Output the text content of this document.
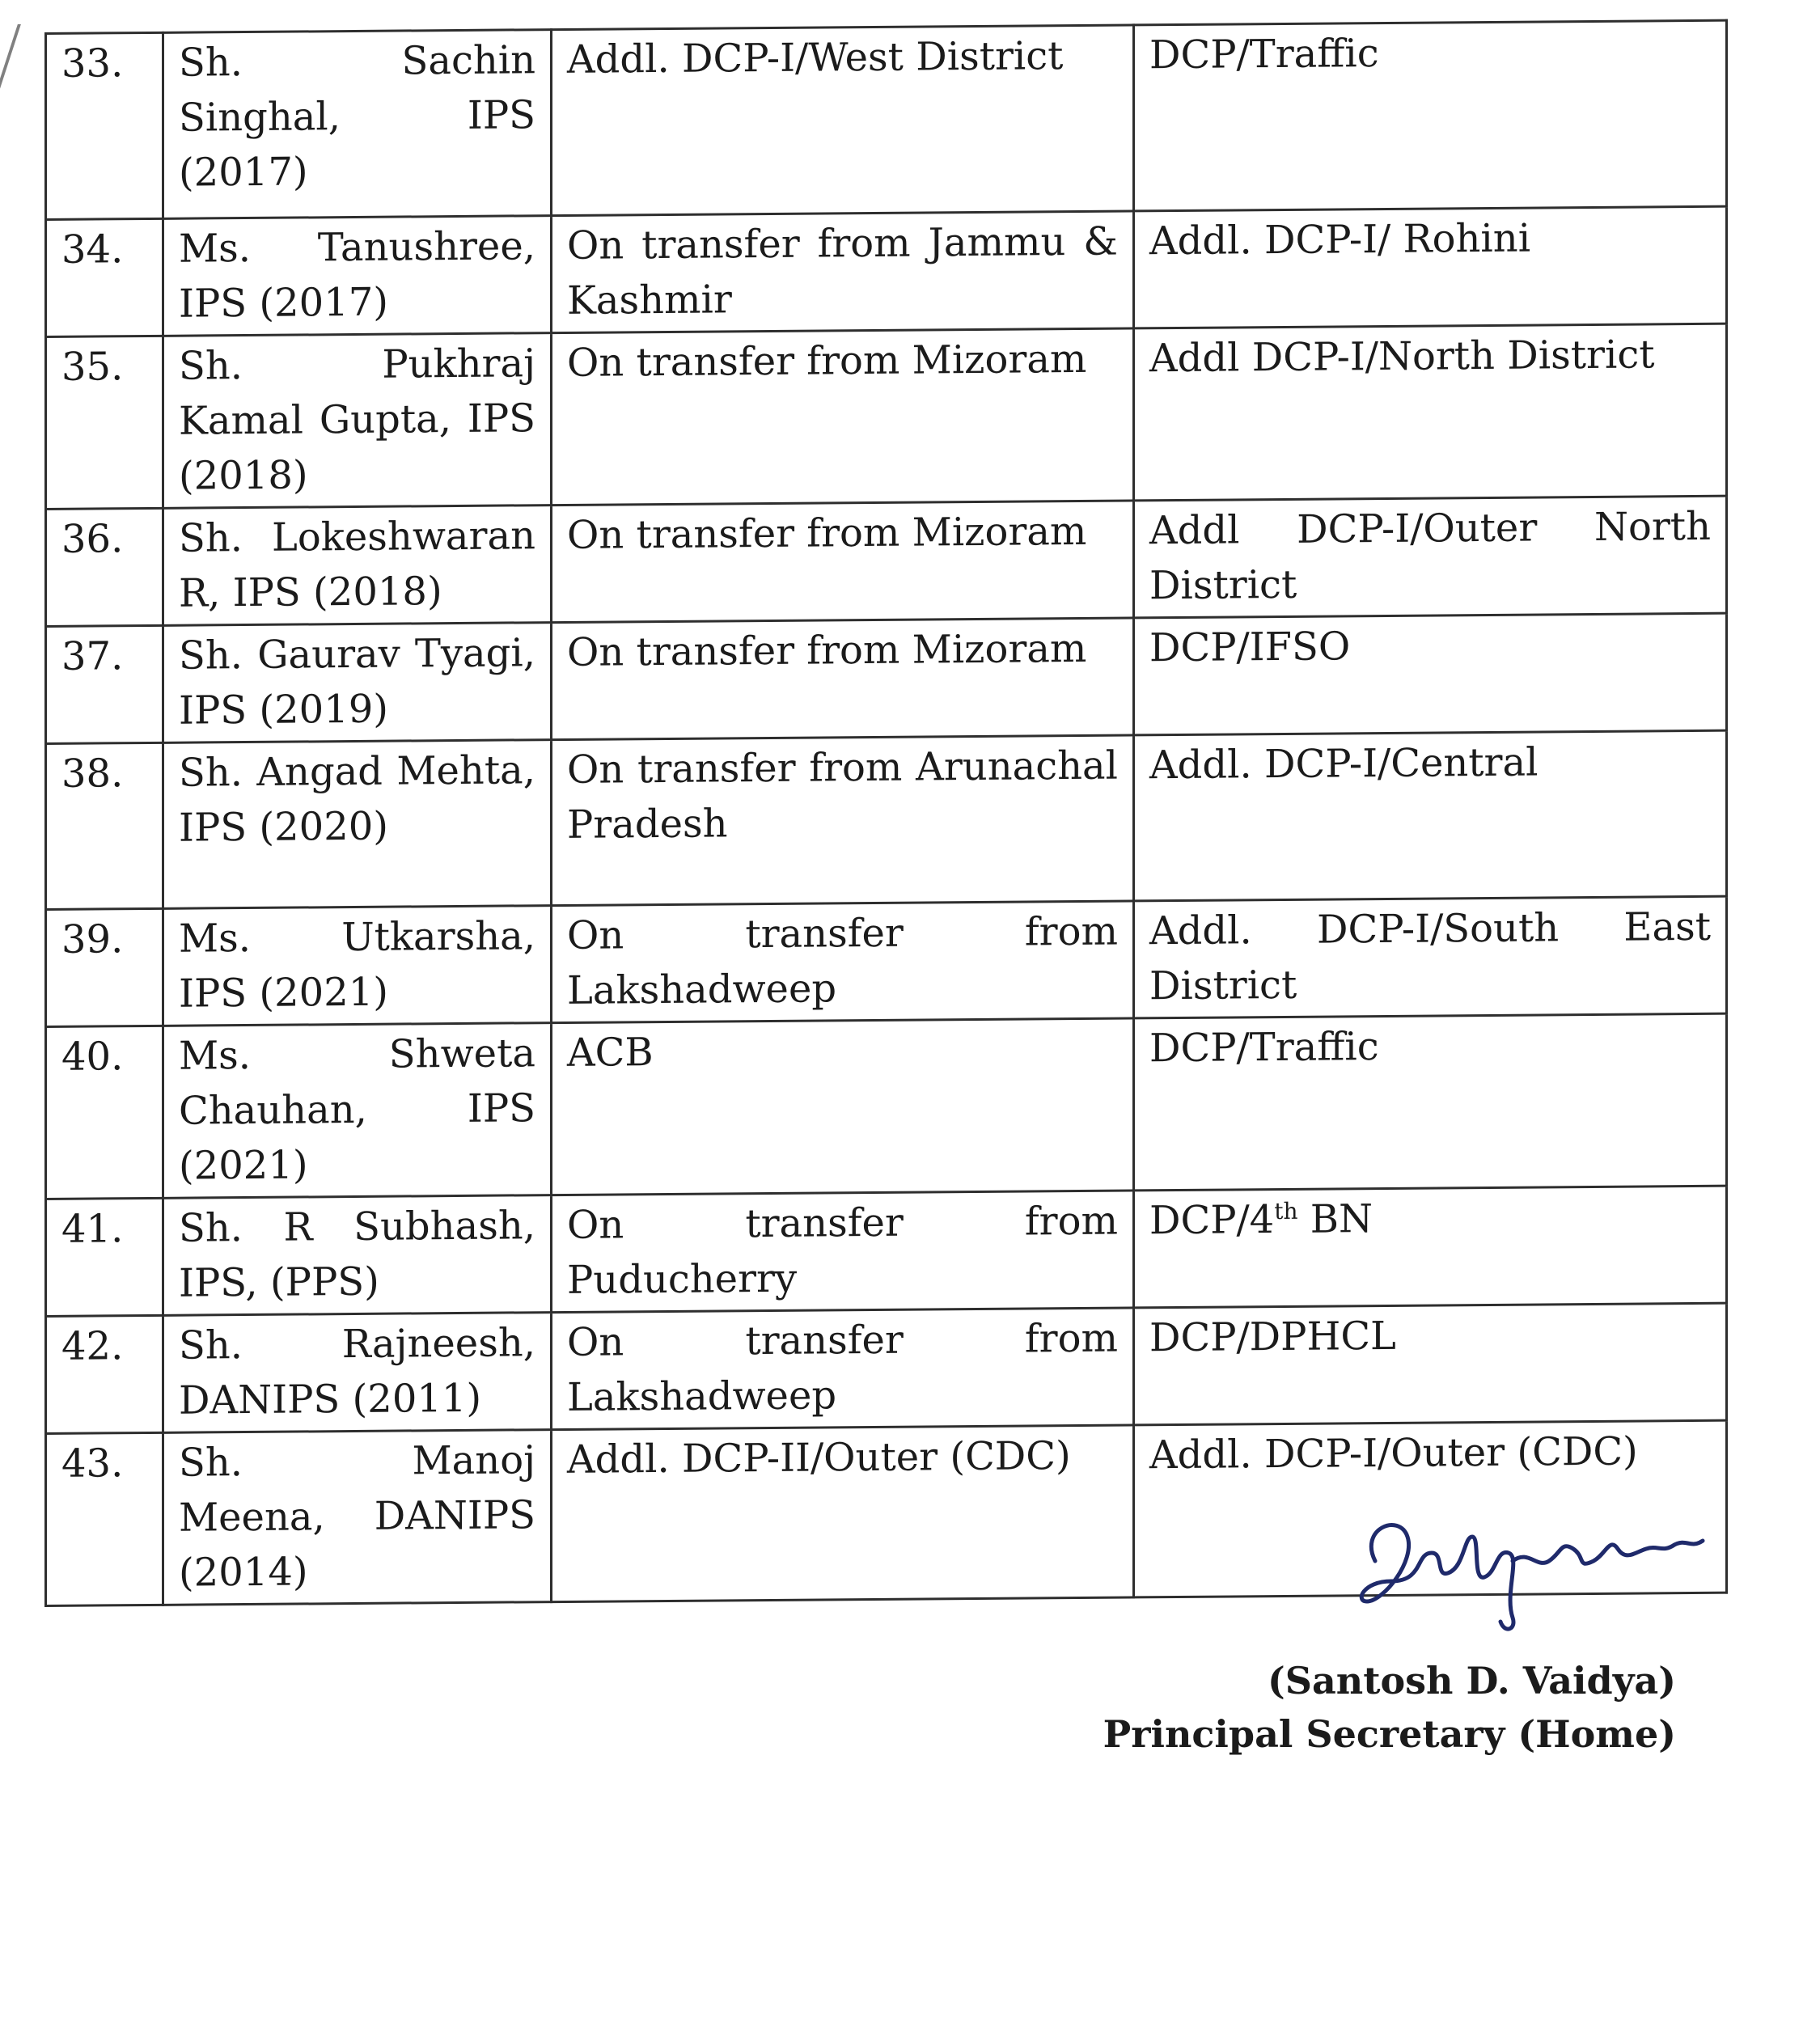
33.	Sh. Sachin Singhal, IPS (2017)	Addl. DCP-I/West District	DCP/Traffic
34.	Ms. Tanushree, IPS (2017)	On transfer from Jammu & Kashmir	Addl. DCP-I/ Rohini
35.	Sh. Pukhraj Kamal Gupta, IPS (2018)	On transfer from Mizoram	Addl DCP-I/North District
36.	Sh. Lokeshwaran R, IPS (2018)	On transfer from Mizoram	Addl DCP-I/Outer North District
37.	Sh. Gaurav Tyagi, IPS (2019)	On transfer from Mizoram	DCP/IFSO
38.	Sh. Angad Mehta, IPS (2020)	On transfer from Arunachal Pradesh	Addl. DCP-I/Central
39.	Ms. Utkarsha, IPS (2021)	On transfer from Lakshadweep	Addl. DCP-I/South East District
40.	Ms. Shweta Chauhan, IPS (2021)	ACB	DCP/Traffic
41.	Sh. R Subhash, IPS, (PPS)	On transfer from Puducherry	DCP/4th BN
42.	Sh. Rajneesh, DANIPS (2011)	On transfer from Lakshadweep	DCP/DPHCL
43.	Sh. Manoj Meena, DANIPS (2014)	Addl. DCP-II/Outer (CDC)	Addl. DCP-I/Outer (CDC)
(Santosh D. Vaidya)
Principal Secretary (Home)
